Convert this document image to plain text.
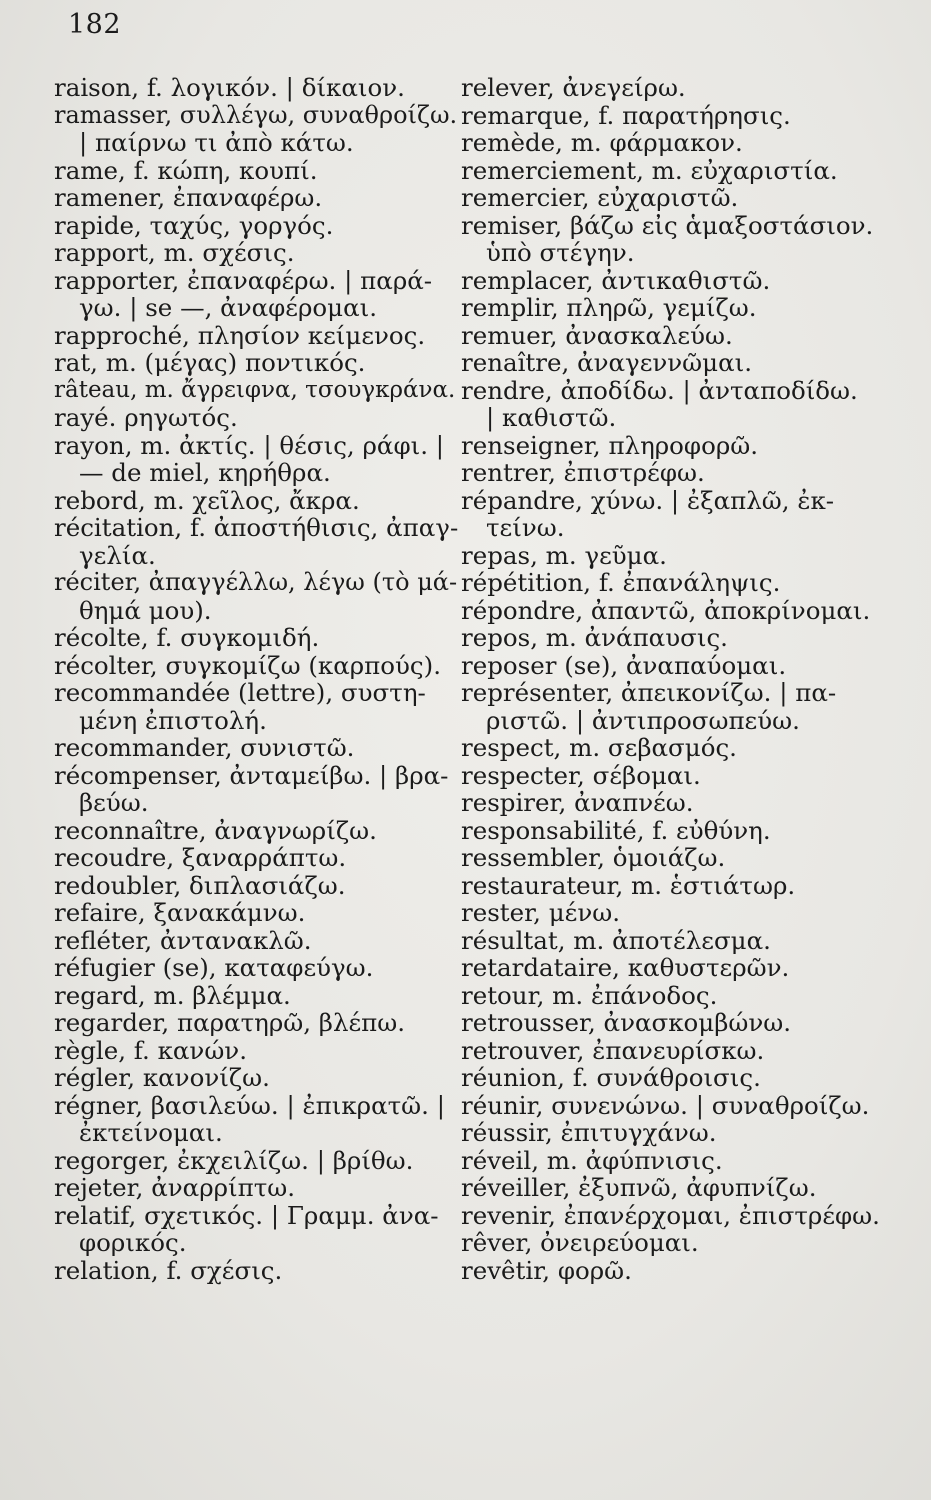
182
raison, f. λογικόν. | δίκαιον.
ramasser, συλλέγω, συναθροίζω.
| παίρνω τι ἀπὸ κάτω.
rame, f. κώπη, κουπί.
ramener, ἐπαναφέρω.
rapide, ταχύς, γοργός.
rapport, m. σχέσις.
rapporter, ἐπαναφέρω. | παρά-
γω. | se —, ἀναφέρομαι.
rapproché, πλησίον κείμενος.
rat, m. (μέγας) ποντικός.
râteau, m. ἄγρειφνα, τσουγκράνα.
rayé. ρηγωτός.
rayon, m. ἀκτίς. | θέσις, ράφι. |
— de miel, κηρήθρα.
rebord, m. χεῖλος, ἄκρα.
récitation, f. ἀποστήθισις, ἀπαγ-
γελία.
réciter, ἀπαγγέλλω, λέγω (τὸ μά-
θημά μου).
récolte, f. συγκομιδή.
récolter, συγκομίζω (καρπούς).
recommandée (lettre), συστη-
μένη ἐπιστολή.
recommander, συνιστῶ.
récompenser, ἀνταμείβω. | βρα-
βεύω.
reconnaître, ἀναγνωρίζω.
recoudre, ξαναρράπτω.
redoubler, διπλασιάζω.
refaire, ξανακάμνω.
refléter, ἀντανακλῶ.
réfugier (se), καταφεύγω.
regard, m. βλέμμα.
regarder, παρατηρῶ, βλέπω.
règle, f. κανών.
régler, κανονίζω.
régner, βασιλεύω. | ἐπικρατῶ. |
ἐκτείνομαι.
regorger, ἐκχειλίζω. | βρίθω.
rejeter, ἀναρρίπτω.
relatif, σχετικός. | Γραμμ. ἀνα-
φορικός.
relation, f. σχέσις.
relever, ἀνεγείρω.
remarque, f. παρατήρησις.
remède, m. φάρμακον.
remerciement, m. εὐχαριστία.
remercier, εὐχαριστῶ.
remiser, βάζω εἰς ἁμαξοστάσιον.
ὑπὸ στέγην.
remplacer, ἀντικαθιστῶ.
remplir, πληρῶ, γεμίζω.
remuer, ἀνασκαλεύω.
renaître, ἀναγεννῶμαι.
rendre, ἀποδίδω. | ἀνταποδίδω.
| καθιστῶ.
renseigner, πληροφορῶ.
rentrer, ἐπιστρέφω.
répandre, χύνω. | ἐξαπλῶ, ἐκ-
τείνω.
repas, m. γεῦμα.
répétition, f. ἐπανάληψις.
répondre, ἀπαντῶ, ἀποκρίνομαι.
repos, m. ἀνάπαυσις.
reposer (se), ἀναπαύομαι.
représenter, ἀπεικονίζω. | πα-
ριστῶ. | ἀντιπροσωπεύω.
respect, m. σεβασμός.
respecter, σέβομαι.
respirer, ἀναπνέω.
responsabilité, f. εὐθύνη.
ressembler, ὁμοιάζω.
restaurateur, m. ἑστιάτωρ.
rester, μένω.
résultat, m. ἀποτέλεσμα.
retardataire, καθυστερῶν.
retour, m. ἐπάνοδος.
retrousser, ἀνασκομβώνω.
retrouver, ἐπανευρίσκω.
réunion, f. συνάθροισις.
réunir, συνενώνω. | συναθροίζω.
réussir, ἐπιτυγχάνω.
réveil, m. ἀφύπνισις.
réveiller, ἐξυπνῶ, ἀφυπνίζω.
revenir, ἐπανέρχομαι, ἐπιστρέφω.
rêver, ὀνειρεύομαι.
revêtir, φορῶ.
